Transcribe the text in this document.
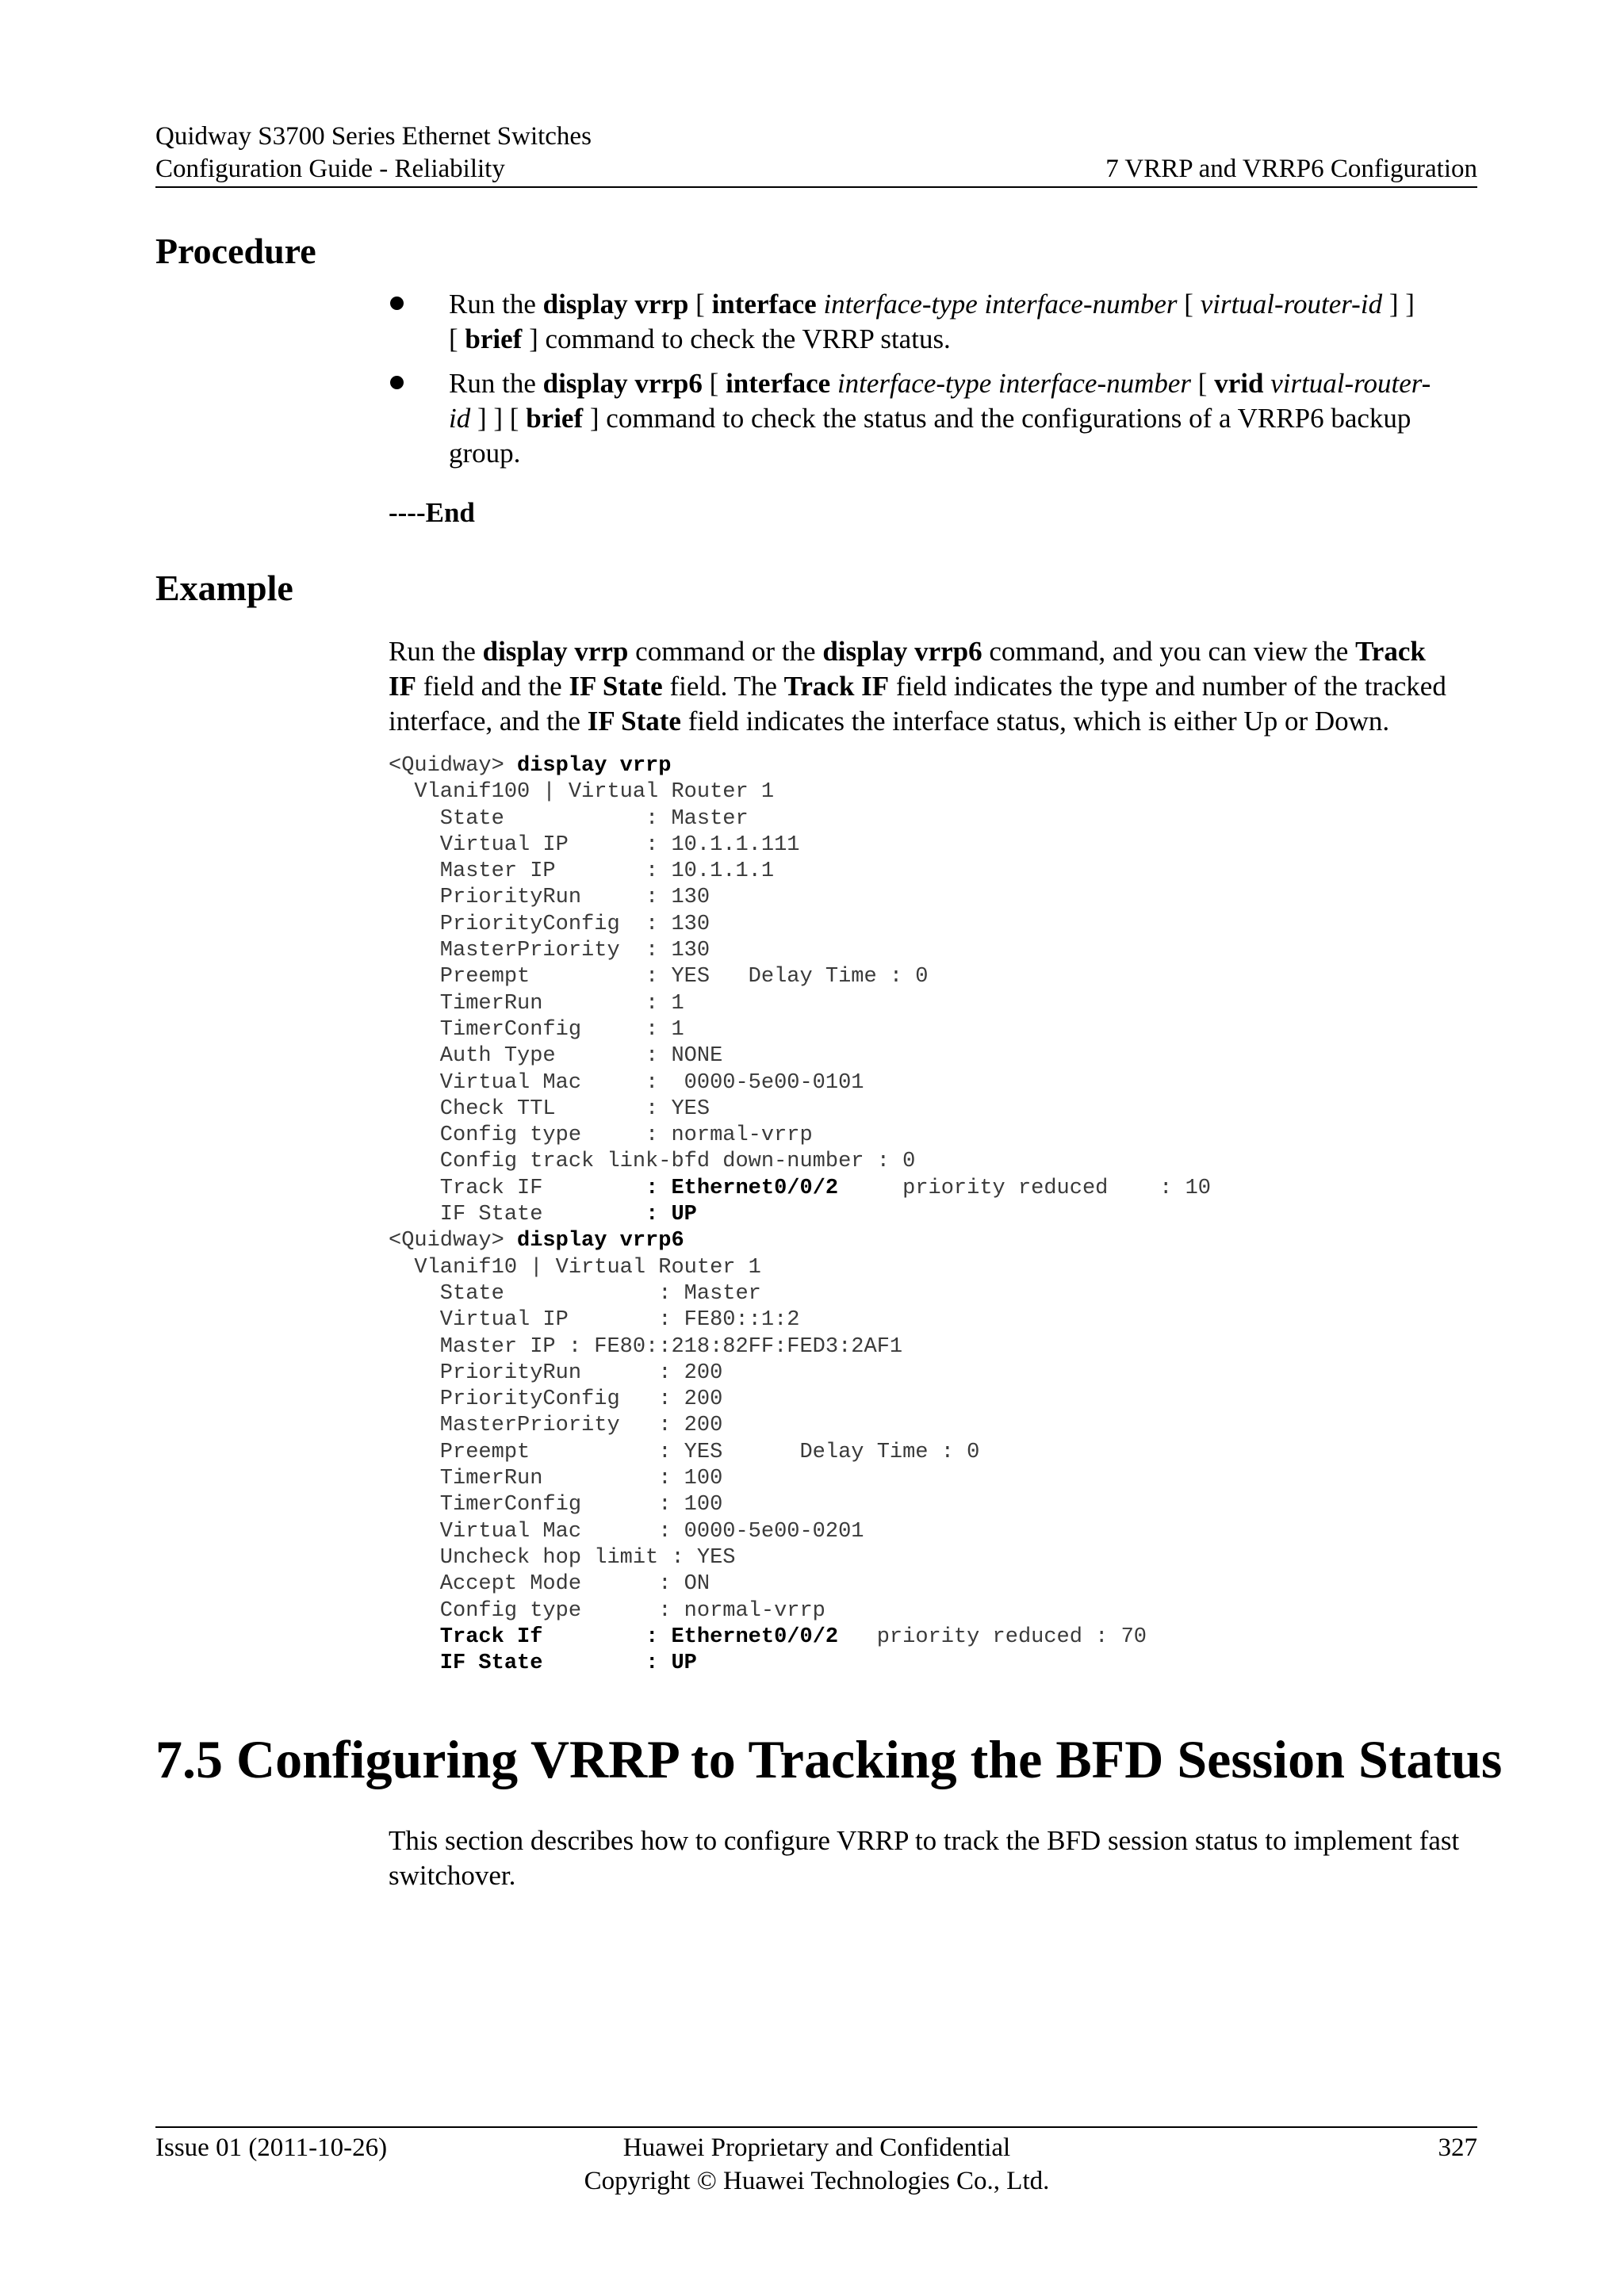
Quidway S3700 Series Ethernet Switches
Configuration Guide - Reliability	7 VRRP and VRRP6 Configuration
Procedure
Run the display vrrp [ interface interface-type interface-number [ virtual-router-id ] ]
[ brief ] command to check the VRRP status.
Run the display vrrp6 [ interface interface-type interface-number [ vrid virtual-router-
id ] ] [ brief ] command to check the status and the configurations of a VRRP6 backup
group.
----End
Example
Run the display vrrp command or the display vrrp6 command, and you can view the Track
IF field and the IF State field. The Track IF field indicates the type and number of the tracked
interface, and the IF State field indicates the interface status, which is either Up or Down.
<Quidway> display vrrp
Vlanif100 | Virtual Router 1
State           : Master
Virtual IP      : 10.1.1.111
Master IP       : 10.1.1.1
PriorityRun     : 130
PriorityConfig  : 130
MasterPriority  : 130
Preempt         : YES   Delay Time : 0
TimerRun        : 1
TimerConfig     : 1
Auth Type       : NONE
Virtual Mac     :  0000-5e00-0101
Check TTL       : YES
Config type     : normal-vrrp
Config track link-bfd down-number : 0
Track IF        : Ethernet0/0/2     priority reduced    : 10
IF State        : UP
<Quidway> display vrrp6
Vlanif10 | Virtual Router 1
State            : Master
Virtual IP       : FE80::1:2
Master IP : FE80::218:82FF:FED3:2AF1
PriorityRun      : 200
PriorityConfig   : 200
MasterPriority   : 200
Preempt          : YES      Delay Time : 0
TimerRun         : 100
TimerConfig      : 100
Virtual Mac      : 0000-5e00-0201
Uncheck hop limit : YES
Accept Mode      : ON
Config type      : normal-vrrp
Track If        : Ethernet0/0/2   priority reduced : 70
IF State        : UP
7.5 Configuring VRRP to Tracking the BFD Session Status
This section describes how to configure VRRP to track the BFD session status to implement fast
switchover.
Issue 01 (2011-10-26)	Huawei Proprietary and Confidential
Copyright © Huawei Technologies Co., Ltd.
327
